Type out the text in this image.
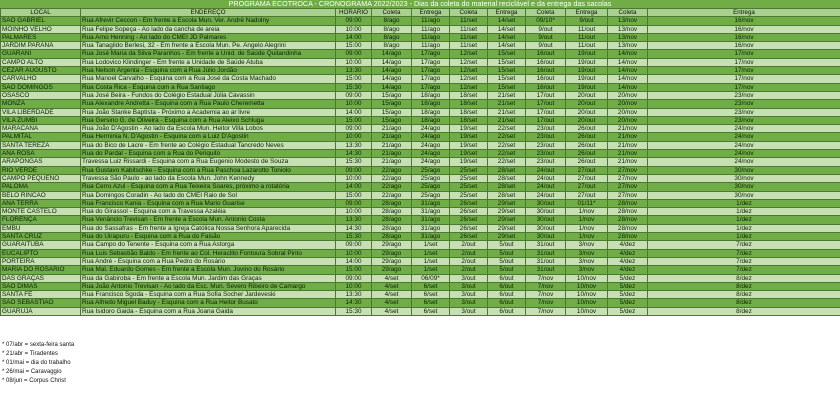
PROGRAMA ECOTROCA - CRONOGRAMA 2022/2023 - Dias da coleta do material reciclável e da entrega das sacolas
LOCAL	ENDEREÇO	HORÁRIO	Coleta	Entrega	Coleta	Entrega	Coleta	Entrega	Coleta	Entrega
SÃO GABRIEL	Rua Afrevir Ceccon - Em frente a Escola Mun. Ver. André Nadolny	09:00	8/ago	11/ago	11/set	14/set	09/10*	9/out	13/nov	16/nov
MOINHO VELHO	Rua Felipe Sopeça - Ao lado da cancha de areia	10:00	8/ago	11/ago	11/set	14/set	9/out	11/out	13/nov	16/nov
PALMARES	Rua Arno Henning - Ao lado do CMEI JD Palmares	14:00	8/ago	11/ago	11/set	14/set	9/out	11/out	13/nov	16/nov
JARDIM PARANÁ	Rua Tanagildo Berlesi, 32 - Em frente a Escola Mun. Pe. Angelo Alegrini	15:00	8/ago	11/ago	11/set	14/set	9/out	11/out	13/nov	16/nov
GUARANI	Rua José Maria da Silva Paranhos - Em frente a Unid. de Saúde Quitandinha	09:00	14/ago	17/ago	12/set	15/set	16/out	19/out	14/nov	17/nov
CAMPO ALTO	Rua Lodovico Klindinger - Em frente a Unidade de Saúde Atuba	10:00	14/ago	17/ago	12/set	15/set	16/out	19/out	14/nov	17/nov
CÉZAR AUGUSTO	Rua Nelson Argenta - Esquina com a Rua Júlio Jordão	13:30	14/ago	17/ago	12/set	15/set	16/out	19/out	14/nov	17/nov
CARVALHO	Rua Manoel Carvalho - Esquina com a Rua José da Costa Machado	15:00	14/ago	17/ago	12/set	15/set	16/out	19/out	14/nov	17/nov
SÃO DOMINGOS	Rua Costa Rica - Esquina com a Rua Santiago	15:30	14/ago	17/ago	12/set	15/set	16/out	19/out	14/nov	17/nov
OSASCO	Rua José Beira - Fundos do Colégio Estadual Júlia Cavassin	09:00	15/ago	18/ago	18/set	21/set	17/out	20/out	20/nov	23/nov
MONZA	Rua Alexandre Andretta - Esquina com a Rua Paulo Cheremetta	10:00	15/ago	18/ago	18/set	21/set	17/out	20/out	20/nov	23/nov
VILA LIBERDADE	Rua João Stanke Baptista - Próximo a Academia ao ar livre	14:00	15/ago	18/ago	18/set	21/set	17/out	20/out	20/nov	23/nov
VILA ZUMBI	Rua Gersino G. de Oliveira - Esquina com a Rua Aleixo Schluga	15:00	15/ago	18/ago	18/set	21/set	17/out	20/out	20/nov	23/nov
MARACANÃ	Rua João D'Agostin - Ao lado da Escola Mun. Heitor Villa Lobos	09:00	21/ago	24/ago	19/set	22/set	23/out	26/out	21/nov	24/nov
PALMITAL	Rua Herminia N. D'Agostin - Esquina com a Luiz D'Agostin	10:00	21/ago	24/ago	19/set	22/set	23/out	26/out	21/nov	24/nov
SANTA TEREZA	Rua do Bico de Lacre - Em frente ao Colégio Estadual Tancredo Neves	13:30	21/ago	24/ago	19/set	22/set	23/out	26/out	21/nov	24/nov
ANA ROSA	Rua do Pardal - Esquina com a Rua do Periquito	14:30	21/ago	24/ago	19/set	22/set	23/out	26/out	21/nov	24/nov
ARAPONGAS	Travessa Luiz Rissardi - Esquina com a Rua Eugenio Modesto de Souza	15:30	21/ago	24/ago	19/set	22/set	23/out	26/out	21/nov	24/nov
RIO VERDE	Rua Gustavo Kabitschke - Esquina com a Rua Paschoa Lazarotto Toniolo	09:00	22/ago	25/ago	25/set	28/set	24/out	27/out	27/nov	30/nov
CAMPO PEQUENO	Travessa São Paulo - ao lado da Escola Mun. John Kennedy	10:00	22/ago	25/ago	25/set	28/set	24/out	27/out	27/nov	30/nov
PALOMA	Rua Cerro Azul - Esquina com a Rua Teixeira Soares, próximo a rotatória	14:00	22/ago	25/ago	25/set	28/set	24/out	27/out	27/nov	30/nov
BELO RINCÃO	Rua Domingos Coradin - Ao lado do CMEI Raio de Sol	15:00	22/ago	25/ago	25/set	28/set	24/out	27/out	27/nov	30/nov
ANA TERRA	Rua Francisco Kania - Esquina com a Rua Mario Guarise	09:00	28/ago	31/ago	26/set	29/set	30/out	01/11*	28/nov	1/dez
MONTE CASTELO	Rua do Girassol - Esquina com a Travessa Azaléia	10:00	28/ago	31/ago	26/set	29/set	30/out	1/nov	28/nov	1/dez
FLORENÇA	Rua Venâncio Trevisan - Em frente a Escola Mun. Antonio Costa	13:30	28/ago	31/ago	26/set	29/set	30/out	1/nov	28/nov	1/dez
EMBÚ	Rua do Sassafras - Em frente a Igreja Católica Nossa Senhora Aparecida	14:30	28/ago	31/ago	26/set	29/set	30/out	1/nov	28/nov	1/dez
SANTA CRUZ	Rua do Uirapuru - Esquina com a Rua do Faisão	15:30	28/ago	31/ago	26/set	29/set	30/out	1/nov	28/nov	1/dez
GUARAITUBA	Rua Campo do Tenente - Esquina com a Rua Astorga	09:00	29/ago	1/set	2/out	5/out	31/out	3/nov	4/dez	7/dez
EUCALIPTO	Rua Luis Sebastião Baldo - Em frente ao Col. Heraclito Fontoura Sobral Pinto	10:00	29/ago	1/set	2/out	5/out	31/out	3/nov	4/dez	7/dez
PORTEIRA	Rua André - Esquina com a Rua Pedro do Rosário	14:00	29/ago	1/set	2/out	5/out	31/out	3/nov	4/dez	7/dez
MARIA DO ROSÁRIO	Rua Mal. Eduardo Gomes - Em frente a Escola Mun. Jovino do Rosário	15:00	29/ago	1/set	2/out	5/out	31/out	3/nov	4/dez	7/dez
DAS GRAÇAS	Rua da Gabiroba - Em frente a Escola Mun. Jardim das Graças	09:00	4/set	06/09*	3/out	6/out	7/nov	10/nov	5/dez	8/dez
SÃO DIMAS	Rua João Antonio Trevisan - Ao lado da Esc. Mun. Severo Ribeiro de Camargo	10:00	4/set	6/set	3/out	6/out	7/nov	10/nov	5/dez	8/dez
SANTA FÉ	Rua Francisco Sgoda - Esquina com a Rua Sofia Socher Jardeveski	13:30	4/set	6/set	3/out	6/out	7/nov	10/nov	5/dez	8/dez
SÃO SEBASTIÃO	Rua Alfredo Miguel Baduy - Esquina com a Rua Heitor Busato	14:30	4/set	6/set	3/out	6/out	7/nov	10/nov	5/dez	8/dez
GUARUJÁ	Rua Isidoro Gaida - Esquina com a Rua Joana Gaida	15:30	4/set	6/set	3/out	6/out	7/nov	10/nov	5/dez	8/dez
* 07/abr = sexta-feira santa
* 21/abr = Tiradentes
* 01/mai = dia do trabalho
* 26/mai = Caravaggio
* 08/jun = Corpus Christ
